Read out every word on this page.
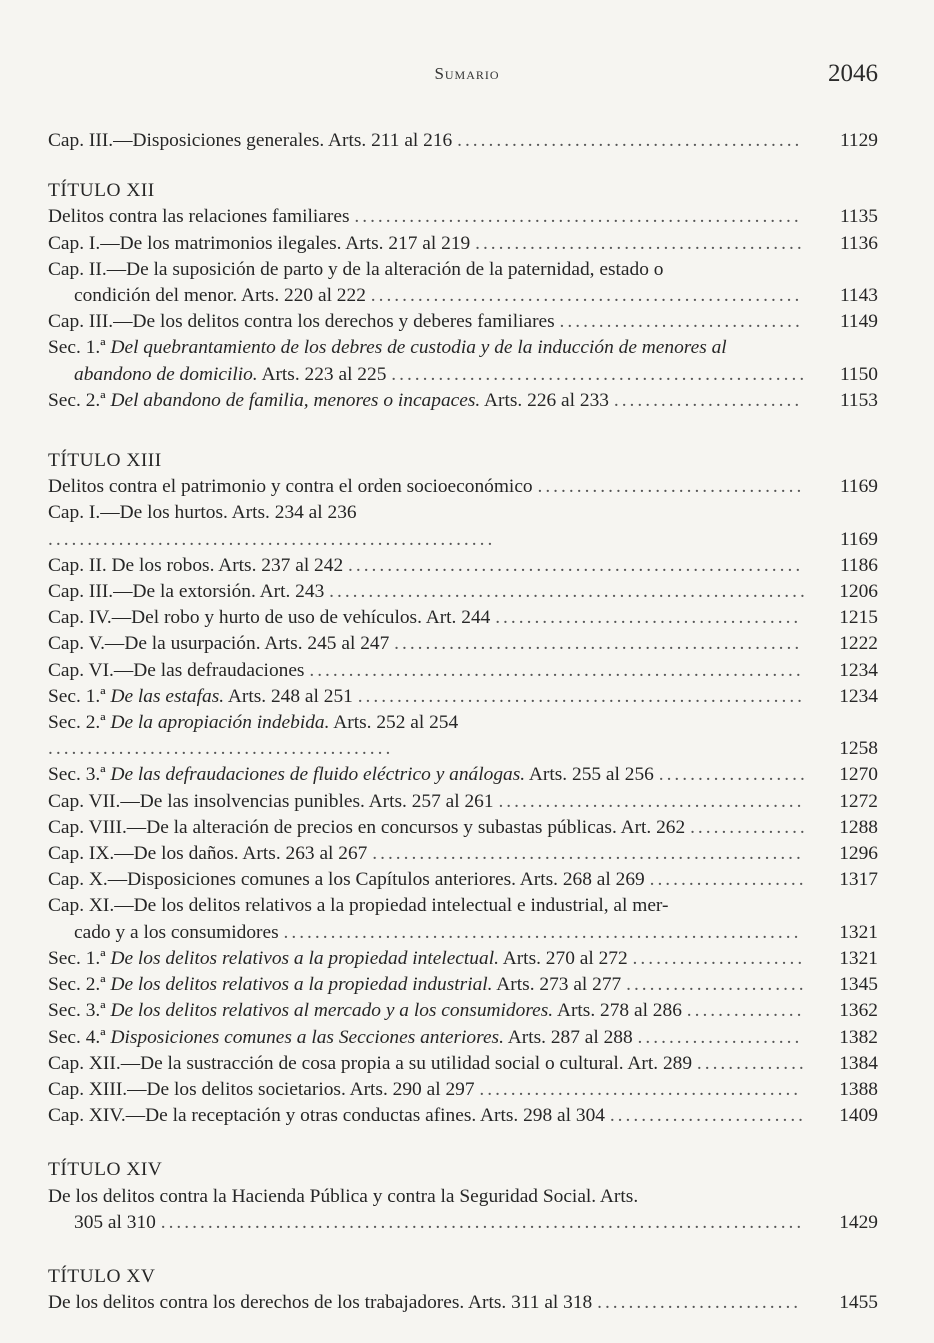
Sumario	2046
Cap. III.—Disposiciones generales. Arts. 211 al 216 ............................................	1129
TÍTULO XII
Delitos contra las relaciones familiares .........................................................	1135
Cap. I.—De los matrimonios ilegales. Arts. 217 al 219 ..........................................	1136
Cap. II.—De la suposición de parto y de la alteración de la paternidad, estado o
condición del menor. Arts. 220 al 222 .......................................................	1143
Cap. III.—De los delitos contra los derechos y deberes familiares ...............................	1149
Sec. 1.ª Del quebrantamiento de los debres de custodia y de la inducción de menores al
abandono de domicilio. Arts. 223 al 225 .....................................................	1150
Sec. 2.ª Del abandono de familia, menores o incapaces. Arts. 226 al 233 ........................	1153
TÍTULO XIII
Delitos contra el patrimonio y contra el orden socioeconómico ..................................	1169
Cap. I.—De los hurtos. Arts. 234 al 236 .........................................................	1169
Cap. II. De los robos. Arts. 237 al 242 ..........................................................	1186
Cap. III.—De la extorsión. Art. 243 .............................................................	1206
Cap. IV.—Del robo y hurto de uso de vehículos. Art. 244 .......................................	1215
Cap. V.—De la usurpación. Arts. 245 al 247 ....................................................	1222
Cap. VI.—De las defraudaciones ...............................................................	1234
Sec. 1.ª De las estafas. Arts. 248 al 251 .........................................................	1234
Sec. 2.ª De la apropiación indebida. Arts. 252 al 254 ............................................	1258
Sec. 3.ª De las defraudaciones de fluido eléctrico y análogas. Arts. 255 al 256 ...................	1270
Cap. VII.—De las insolvencias punibles. Arts. 257 al 261 .......................................	1272
Cap. VIII.—De la alteración de precios en concursos y subastas públicas. Art. 262 ...............	1288
Cap. IX.—De los daños. Arts. 263 al 267 .......................................................	1296
Cap. X.—Disposiciones comunes a los Capítulos anteriores. Arts. 268 al 269 ....................	1317
Cap. XI.—De los delitos relativos a la propiedad intelectual e industrial, al mer-
cado y a los consumidores ..................................................................	1321
Sec. 1.ª De los delitos relativos a la propiedad intelectual. Arts. 270 al 272 ......................	1321
Sec. 2.ª De los delitos relativos a la propiedad industrial. Arts. 273 al 277 .......................	1345
Sec. 3.ª De los delitos relativos al mercado y a los consumidores. Arts. 278 al 286 ...............	1362
Sec. 4.ª Disposiciones comunes a las Secciones anteriores. Arts. 287 al 288 .....................	1382
Cap. XII.—De la sustracción de cosa propia a su utilidad social o cultural. Art. 289 ..............	1384
Cap. XIII.—De los delitos societarios. Arts. 290 al 297 .........................................	1388
Cap. XIV.—De la receptación y otras conductas afines. Arts. 298 al 304 .........................	1409
TÍTULO XIV
De los delitos contra la Hacienda Pública y contra la Seguridad Social. Arts.
305 al 310 ..................................................................................	1429
TÍTULO XV
De los delitos contra los derechos de los trabajadores. Arts. 311 al 318 ..........................	1455
